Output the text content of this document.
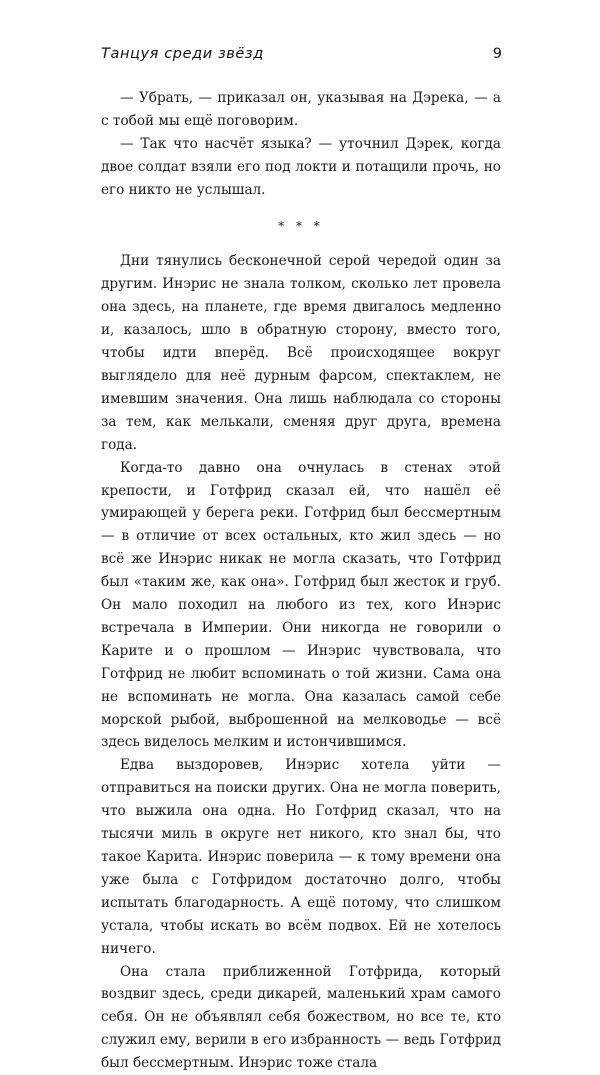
Танцуя среди звёзд	9

— Убрать, — приказал он, указывая на Дэрека, — а с тобой мы ещё поговорим.

— Так что насчёт языка? — уточнил Дэрек, когда двое солдат взяли его под локти и потащили прочь, но его никто не услышал.

* * *

Дни тянулись бесконечной серой чередой один за другим. Инэрис не знала толком, сколько лет провела она здесь, на планете, где время двигалось медленно и, казалось, шло в обратную сторону, вместо того, чтобы идти вперёд. Всё происходящее вокруг выглядело для неё дурным фарсом, спектаклем, не имевшим значения. Она лишь наблюдала со стороны за тем, как мелькали, сменяя друг друга, времена года.

Когда-то давно она очнулась в стенах этой крепости, и Готфрид сказал ей, что нашёл её умирающей у берега реки. Готфрид был бессмертным — в отличие от всех остальных, кто жил здесь — но всё же Инэрис никак не могла сказать, что Готфрид был «таким же, как она». Готфрид был жесток и груб. Он мало походил на любого из тех, кого Инэрис встречала в Империи. Они никогда не говорили о Карите и о прошлом — Инэрис чувствовала, что Готфрид не любит вспоминать о той жизни. Сама она не вспоминать не могла. Она казалась самой себе морской рыбой, выброшенной на мелководье — всё здесь виделось мелким и истончившимся.

Едва выздоровев, Инэрис хотела уйти — отправиться на поиски других. Она не могла поверить, что выжила она одна. Но Готфрид сказал, что на тысячи миль в округе нет никого, кто знал бы, что такое Карита. Инэрис поверила — к тому времени она уже была с Готфридом достаточно долго, чтобы испытать благодарность. А ещё потому, что слишком устала, чтобы искать во всём подвох. Ей не хотелось ничего.

Она стала приближенной Готфрида, который воздвиг здесь, среди дикарей, маленький храм самого себя. Он не объявлял себя божеством, но все те, кто служил ему, верили в его избранность — ведь Готфрид был бессмертным. Инэрис тоже стала
